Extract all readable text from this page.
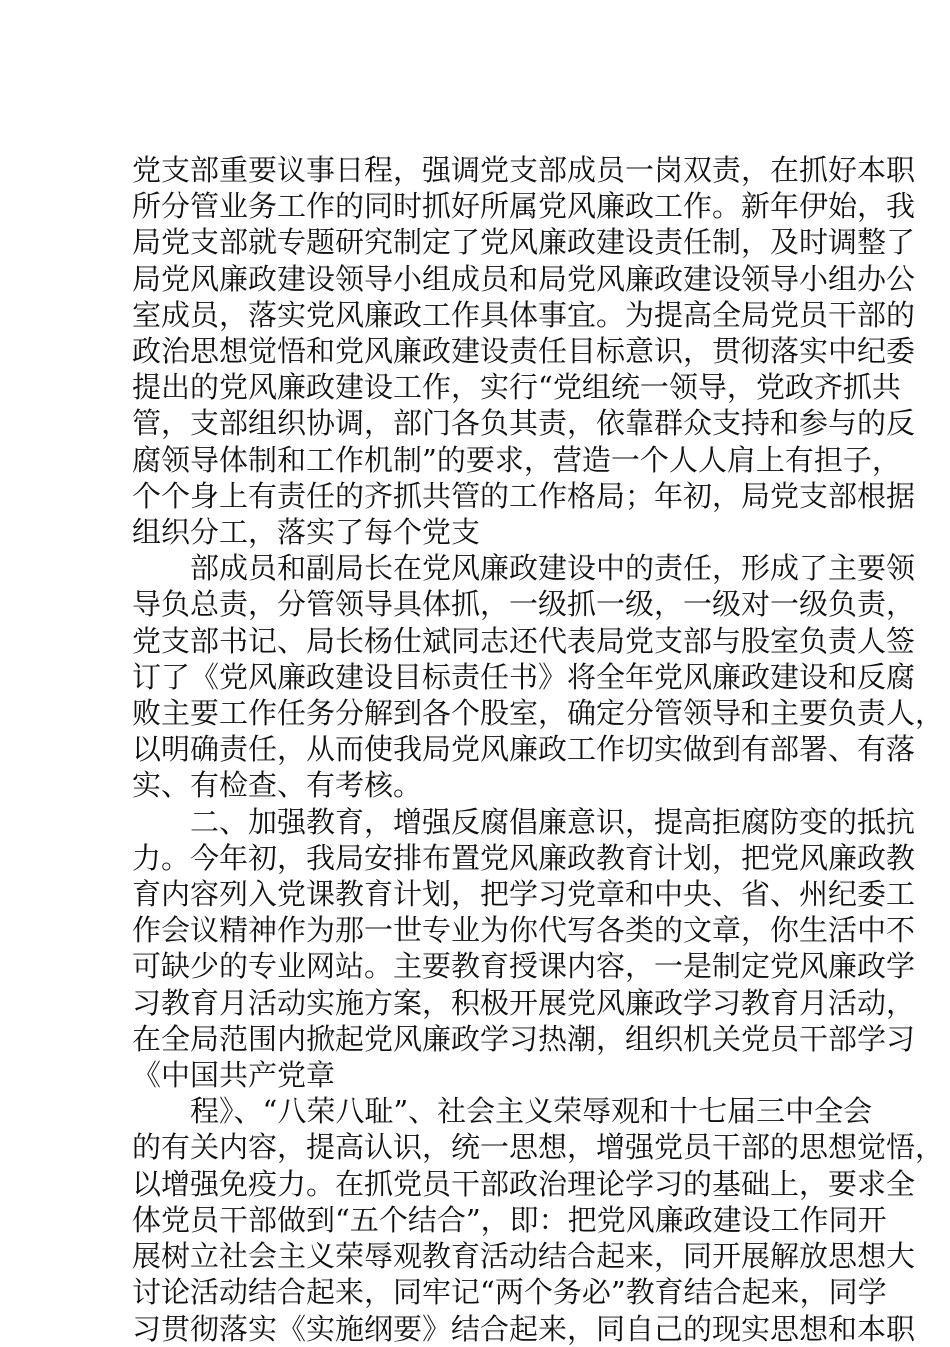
党支部重要议事日程，强调党支部成员一岗双责，在抓好本职
所分管业务工作的同时抓好所属党风廉政工作。新年伊始，我
局党支部就专题研究制定了党风廉政建设责任制，及时调整了
局党风廉政建设领导小组成员和局党风廉政建设领导小组办公
室成员，落实党风廉政工作具体事宜。为提高全局党员干部的
政治思想觉悟和党风廉政建设责任目标意识，贯彻落实中纪委
提出的党风廉政建设工作，实行“党组统一领导，党政齐抓共
管，支部组织协调，部门各负其责，依靠群众支持和参与的反
腐领导体制和工作机制”的要求，营造一个人人肩上有担子，
个个身上有责任的齐抓共管的工作格局；年初，局党支部根据
组织分工，落实了每个党支

部成员和副局长在党风廉政建设中的责任，形成了主要领
导负总责，分管领导具体抓，一级抓一级，一级对一级负责，
党支部书记、局长杨仕斌同志还代表局党支部与股室负责人签
订了《党风廉政建设目标责任书》将全年党风廉政建设和反腐
败主要工作任务分解到各个股室，确定分管领导和主要负责人，
以明确责任，从而使我局党风廉政工作切实做到有部署、有落
实、有检查、有考核。

二、加强教育，增强反腐倡廉意识，提高拒腐防变的抵抗
力。今年初，我局安排布置党风廉政教育计划，把党风廉政教
育内容列入党课教育计划，把学习党章和中央、省、州纪委工
作会议精神作为那一世专业为你代写各类的文章，你生活中不
可缺少的专业网站。主要教育授课内容，一是制定党风廉政学
习教育月活动实施方案，积极开展党风廉政学习教育月活动，
在全局范围内掀起党风廉政学习热潮，组织机关党员干部学习
《中国共产党章

程》、“八荣八耻”、社会主义荣辱观和十七届三中全会
的有关内容，提高认识，统一思想，增强党员干部的思想觉悟，
以增强免疫力。在抓党员干部政治理论学习的基础上，要求全
体党员干部做到“五个结合”，即：把党风廉政建设工作同开
展树立社会主义荣辱观教育活动结合起来，同开展解放思想大
讨论活动结合起来，同牢记“两个务必”教育结合起来，同学
习贯彻落实《实施纲要》结合起来，同自己的现实思想和本职
